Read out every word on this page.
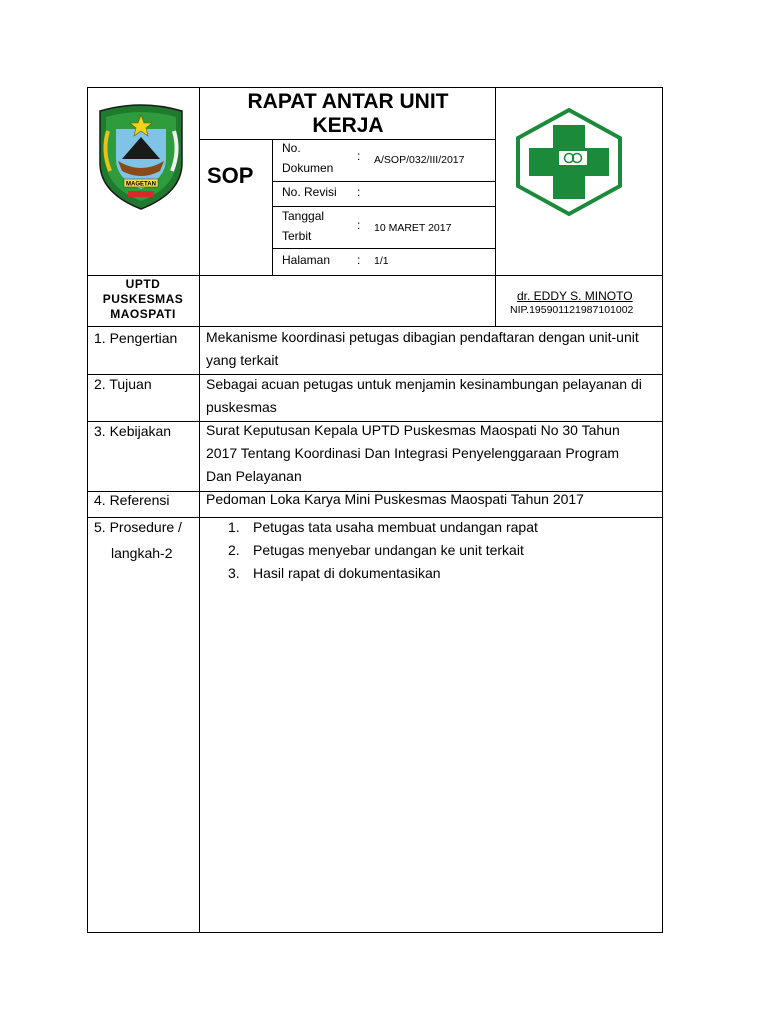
MAGETAN
RAPAT ANTAR UNIT
KERJA
SOP
No.
Dokumen
: A/SOP/032/III/2017
No. Revisi :
Tanggal
Terbit
: 10 MARET 2017
Halaman : 1/1
UPTD
PUSKESMAS
MAOSPATI
dr. EDDY S. MINOTO
NIP.195901121987101002
1. Pengertian Mekanisme koordinasi petugas dibagian pendaftaran dengan unit-unit
yang terkait
2. Tujuan	Sebagai acuan petugas untuk menjamin kesinambungan pelayanan di
puskesmas
3. Kebijakan Surat Keputusan Kepala UPTD Puskesmas Maospati No 30 Tahun
2017 Tentang Koordinasi Dan Integrasi Penyelenggaraan Program
Dan Pelayanan
4. Referensi	Pedoman Loka Karya Mini Puskesmas Maospati Tahun 2017
5. Prosedure /
langkah-2
1. Petugas tata usaha membuat undangan rapat
2. Petugas menyebar undangan ke unit terkait
3. Hasil rapat di dokumentasikan
